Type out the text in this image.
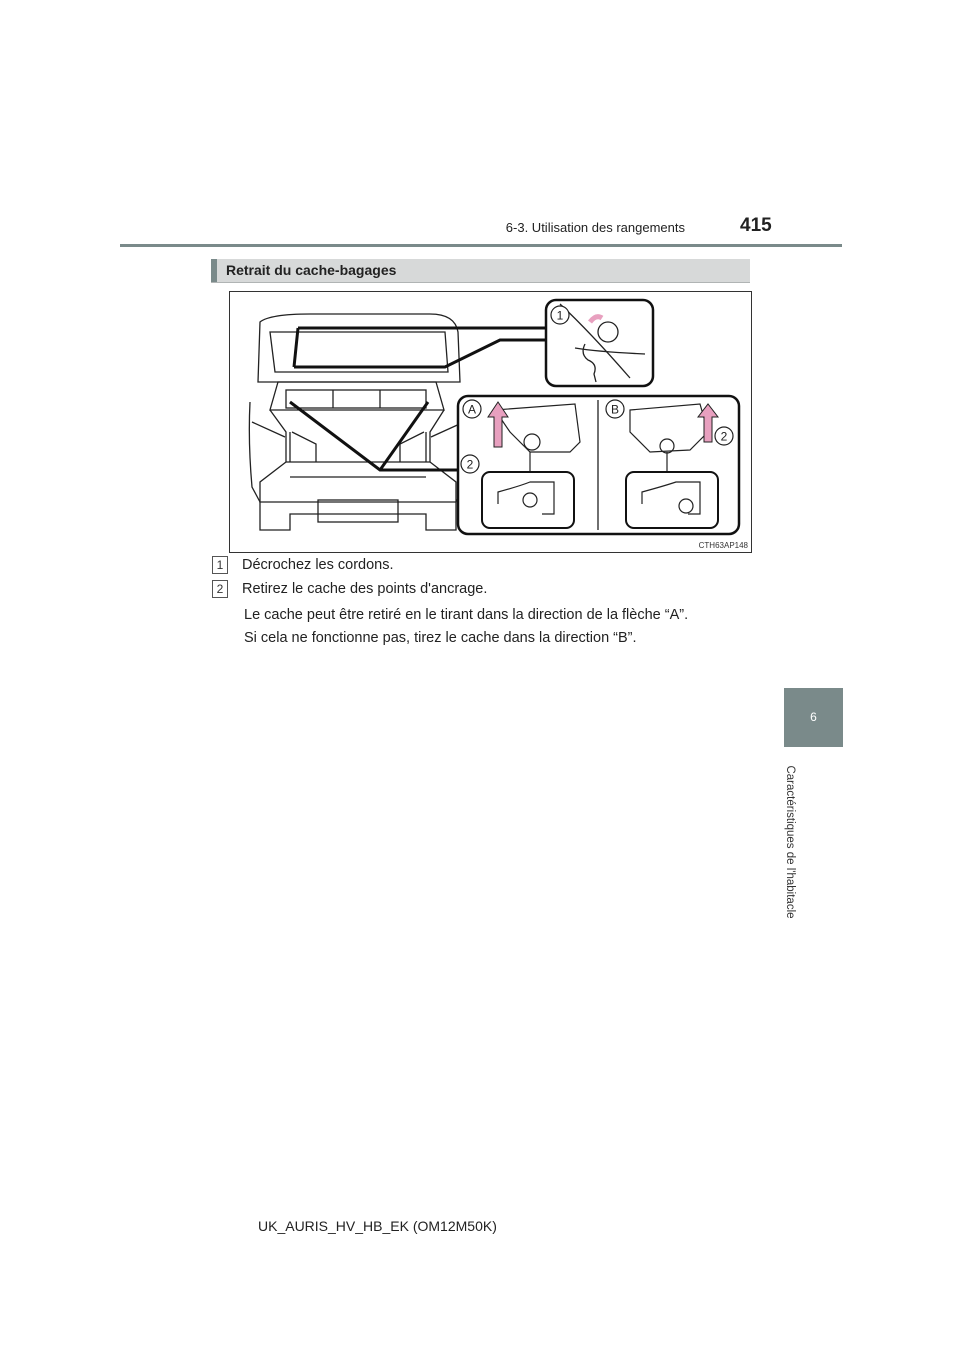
6-3. Utilisation des rangements	415
6
Caractéristiques de l'habitacle
Retrait du cache-bagages
1
A	B
2
2
CTH63AP148
1 Décrochez les cordons.
2 Retirez le cache des points d'ancrage.
Le cache peut être retiré en le tirant dans la direction de la flèche “A”.
Si cela ne fonctionne pas, tirez le cache dans la direction “B”.
UK_AURIS_HV_HB_EK (OM12M50K)
